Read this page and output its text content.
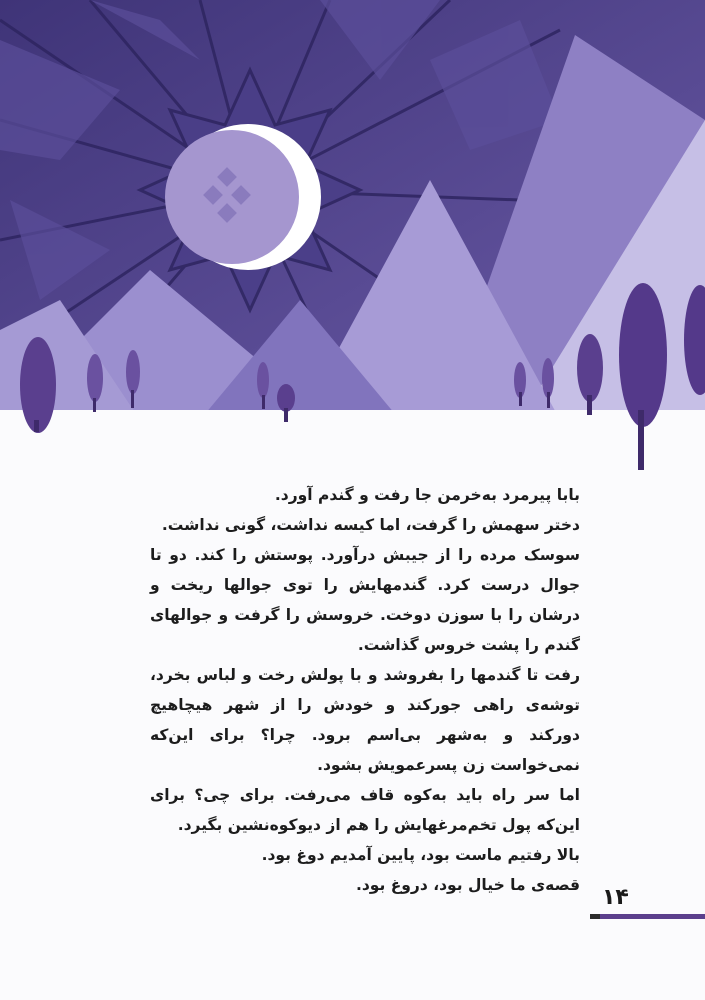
بابا پیرمرد به‌خرمن جا رفت و گندم آورد.

دختر سهمش را گرفت، اما کیسه نداشت، گونی نداشت.

سوسک مرده را از جیبش درآورد. پوستش را کند. دو تا جوال درست کرد. گندمهایش را توی جوالها ریخت و درشان را با سوزن دوخت. خروسش را گرفت و جوالهای گندم را پشت خروس گذاشت.

رفت تا گندمها را بفروشد و با پولش رخت و لباس بخرد، توشه‌ی راهی جورکند و خودش را از شهر هیچاهیچ دورکند و به‌شهر بی‌اسم برود. چرا؟ برای این‌که نمی‌خواست زن پسرعمویش بشود.

اما سر راه باید به‌کوه قاف می‌رفت. برای چی؟ برای این‌که پول تخم‌مرغهایش را هم از دیوکوه‌نشین بگیرد.

بالا رفتیم ماست بود، پایین آمدیم دوغ بود.

قصه‌ی ما خیال بود، دروغ بود. ۱۴
